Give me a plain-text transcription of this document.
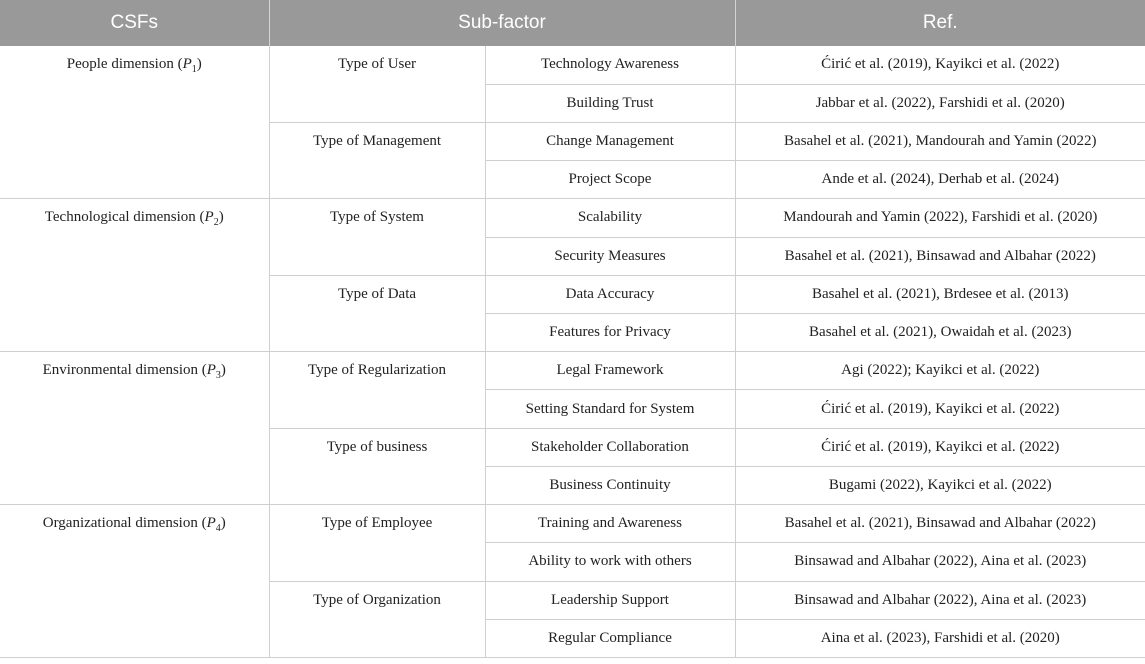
CSFs	Sub-factor		Ref.
People dimension $(P_1)$	Type of User	Technology Awareness	Ćirić et al. (2019), Kayikci et al. (2022)
		Building Trust	Jabbar et al. (2022), Farshidi et al. (2020)
	Type of Management	Change Management	Basahel et al. (2021), Mandourah and Yamin (2022)
		Project Scope	Ande et al. (2024), Derhab et al. (2024)
Technological dimension $(P_2)$	Type of System	Scalability	Mandourah and Yamin (2022), Farshidi et al. (2020)
		Security Measures	Basahel et al. (2021), Binsawad and Albahar (2022)
	Type of Data	Data Accuracy	Basahel et al. (2021), Brdesee et al. (2013)
		Features for Privacy	Basahel et al. (2021), Owaidah et al. (2023)
Environmental dimension $(P_3)$	Type of Regularization	Legal Framework	Agi (2022); Kayikci et al. (2022)
		Setting Standard for System	Ćirić et al. (2019), Kayikci et al. (2022)
	Type of business	Stakeholder Collaboration	Ćirić et al. (2019), Kayikci et al. (2022)
		Business Continuity	Bugami (2022), Kayikci et al. (2022)
Organizational dimension $(P_4)$	Type of Employee	Training and Awareness	Basahel et al. (2021), Binsawad and Albahar (2022)
		Ability to work with others	Binsawad and Albahar (2022), Aina et al. (2023)
	Type of Organization	Leadership Support	Binsawad and Albahar (2022), Aina et al. (2023)
		Regular Compliance	Aina et al. (2023), Farshidi et al. (2020)
